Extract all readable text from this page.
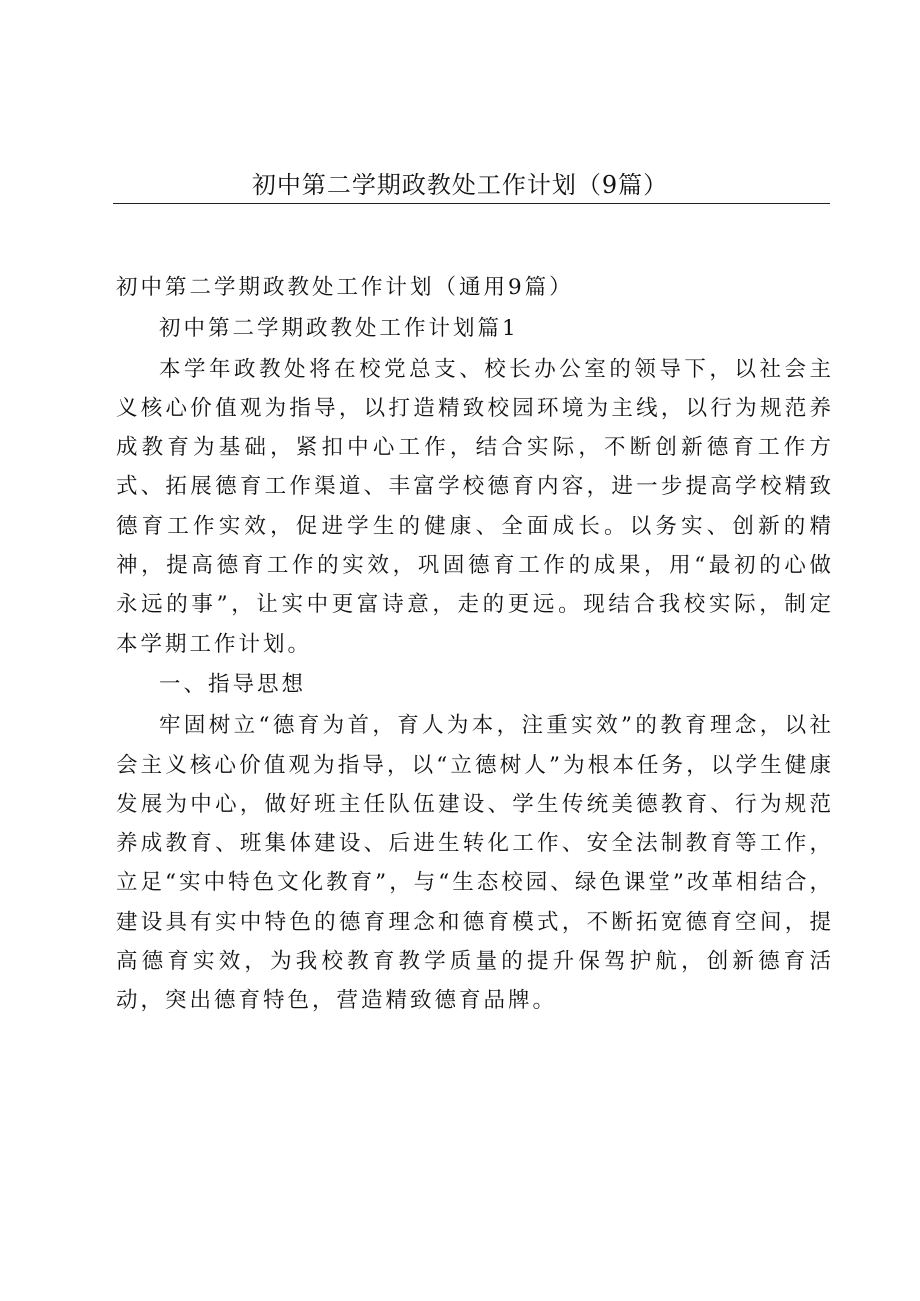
初中第二学期政教处工作计划（9篇）

初中第二学期政教处工作计划（通用9篇）

初中第二学期政教处工作计划篇1

本学年政教处将在校党总支、校长办公室的领导下，以社会主义核心价值观为指导，以打造精致校园环境为主线，以行为规范养成教育为基础，紧扣中心工作，结合实际，不断创新德育工作方式、拓展德育工作渠道、丰富学校德育内容，进一步提高学校精致德育工作实效，促进学生的健康、全面成长。以务实、创新的精神，提高德育工作的实效，巩固德育工作的成果，用“最初的心做永远的事”，让实中更富诗意，走的更远。现结合我校实际，制定本学期工作计划。

一、指导思想

牢固树立“德育为首，育人为本，注重实效”的教育理念，以社会主义核心价值观为指导，以“立德树人”为根本任务，以学生健康发展为中心，做好班主任队伍建设、学生传统美德教育、行为规范养成教育、班集体建设、后进生转化工作、安全法制教育等工作，立足“实中特色文化教育”，与“生态校园、绿色课堂”改革相结合，建设具有实中特色的德育理念和德育模式，不断拓宽德育空间，提高德育实效，为我校教育教学质量的提升保驾护航，创新德育活动，突出德育特色，营造精致德育品牌。
